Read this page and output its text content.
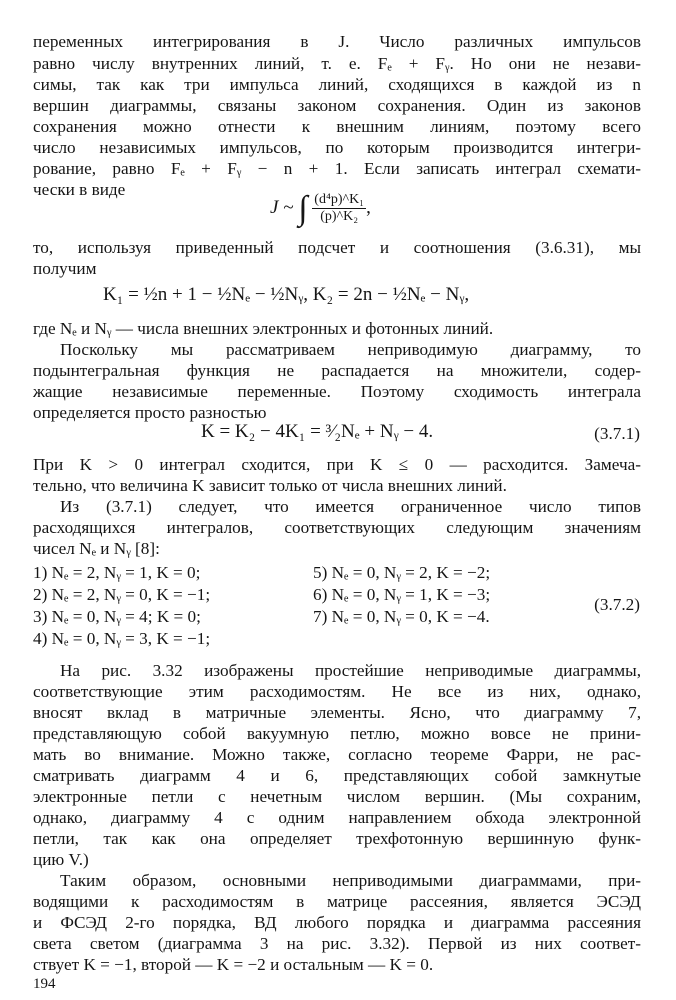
переменных интегрирования в J. Число различных импульсов
равно числу внутренних линий, т. е. Fₑ + Fᵧ. Но они не незави-
симы, так как три импульса линий, сходящихся в каждой из n
вершин диаграммы, связаны законом сохранения. Один из законов
сохранения можно отнести к внешним линиям, поэтому всего
число независимых импульсов, по которым производится интегри-
рование, равно Fₑ + Fᵧ − n + 1. Если записать интеграл схемати-
чески в виде
J ~ ∫ $\frac{\text{(d⁴p)\textasciicircum{}K₁}}{\text{(p)\textasciicircum{}K₂}}$ ,
то, используя приведенный подсчет и соотношения (3.6.31), мы
получим
K₁ = ½n + 1 − ½Nₑ − ½Nᵧ, K₂ = 2n − ½Nₑ − Nᵧ,
где Nₑ и Nᵧ — числа внешних электронных и фотонных линий.
Поскольку мы рассматриваем неприводимую диаграмму, то
подынтегральная функция не распадается на множители, содер-
жащие независимые переменные. Поэтому сходимость интеграла
определяется просто разностью
K = K₂ − 4K₁ = ³⁄₂Nₑ + Nᵧ − 4.	(3.7.1)
При K > 0 интеграл сходится, при K ≤ 0 — расходится. Замеча-
тельно, что величина K зависит только от числа внешних линий.
Из (3.7.1) следует, что имеется ограниченное число типов
расходящихся интегралов, соответствующих следующим значениям
чисел Nₑ и Nᵧ [8]:
1) Nₑ = 2, Nᵧ = 1, K = 0;
2) Nₑ = 2, Nᵧ = 0, K = −1;
3) Nₑ = 0, Nᵧ = 4; K = 0;
4) Nₑ = 0, Nᵧ = 3, K = −1;
5) Nₑ = 0, Nᵧ = 2, K = −2;
6) Nₑ = 0, Nᵧ = 1, K = −3;
7) Nₑ = 0, Nᵧ = 0, K = −4.
(3.7.2)
На рис. 3.32 изображены простейшие неприводимые диаграммы,
соответствующие этим расходимостям. Не все из них, однако,
вносят вклад в матричные элементы. Ясно, что диаграмму 7,
представляющую собой вакуумную петлю, можно вовсе не прини-
мать во внимание. Можно также, согласно теореме Фарри, не рас-
сматривать диаграмм 4 и 6, представляющих собой замкнутые
электронные петли с нечетным числом вершин. (Мы сохраним,
однако, диаграмму 4 с одним направлением обхода электронной
петли, так как она определяет трехфотонную вершинную функ-
цию V.)
Таким образом, основными неприводимыми диаграммами, при-
водящими к расходимостям в матрице рассеяния, является ЭСЭД
и ФСЭД 2-го порядка, ВД любого порядка и диаграмма рассеяния
света светом (диаграмма 3 на рис. 3.32). Первой из них соответ-
ствует K = −1, второй — K = −2 и остальным — K = 0.
194
